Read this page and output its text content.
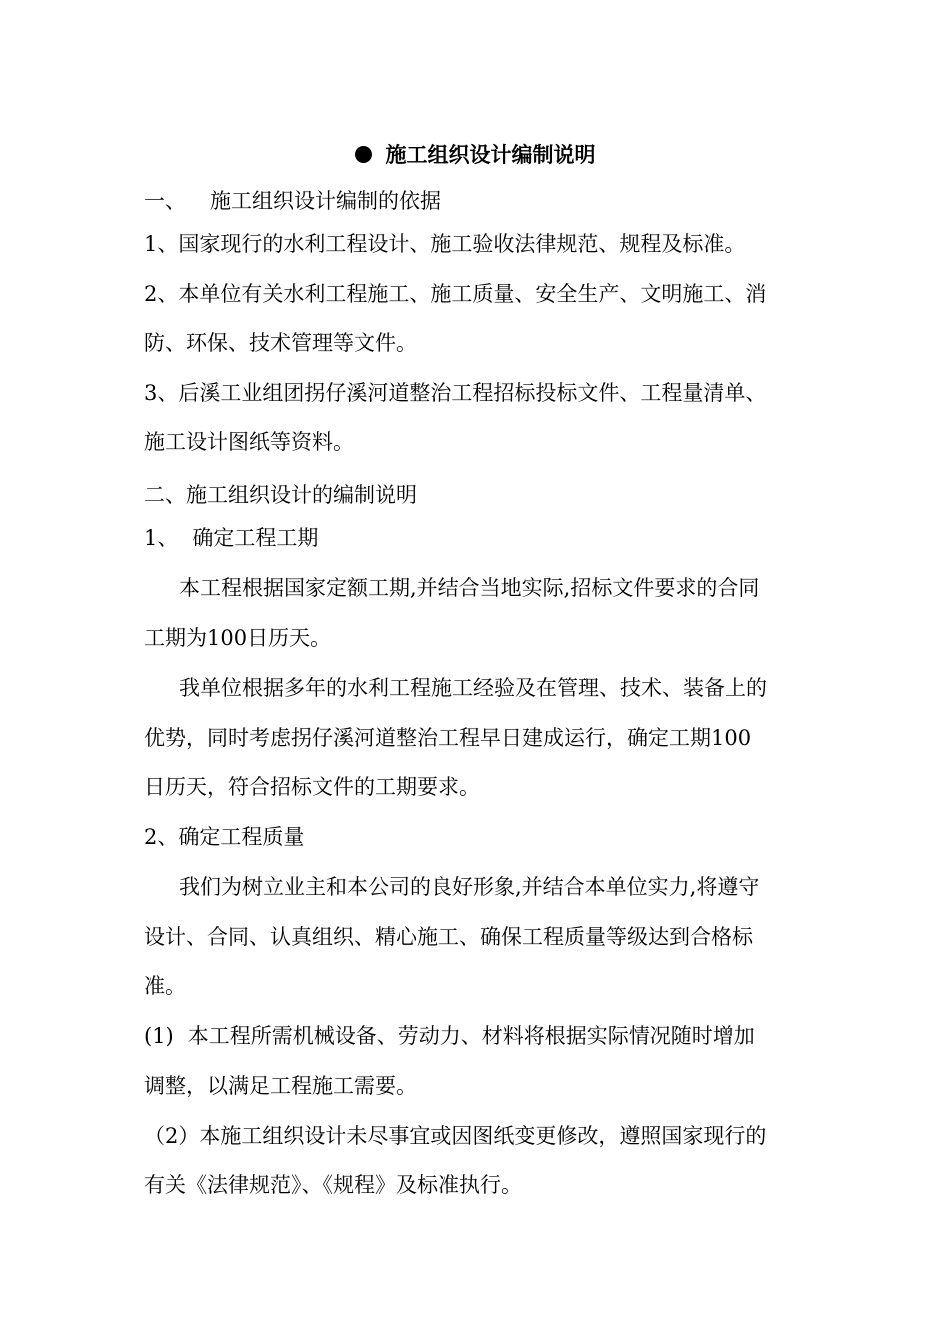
施工组织设计编制说明
一、 施工组织设计编制的依据
1、国家现行的水利工程设计、施工验收法律规范、规程及标准。
2、本单位有关水利工程施工、施工质量、安全生产、文明施工、消
防、环保、技术管理等文件。
3、后溪工业组团拐仔溪河道整治工程招标投标文件、工程量清单、
施工设计图纸等资料。
二、施工组织设计的编制说明
1、 确定工程工期
本工程根据国家定额工期,并结合当地实际,招标文件要求的合同
工期为100日历天。
我单位根据多年的水利工程施工经验及在管理、技术、装备上的
优势，同时考虑拐仔溪河道整治工程早日建成运行，确定工期100
日历天，符合招标文件的工期要求。
2、确定工程质量
我们为树立业主和本公司的良好形象,并结合本单位实力,将遵守
设计、合同、认真组织、精心施工、确保工程质量等级达到合格标
准。
(1) 本工程所需机械设备、劳动力、材料将根据实际情况随时增加
调整，以满足工程施工需要。
（2）本施工组织设计未尽事宜或因图纸变更修改，遵照国家现行的
有关《法律规范》、《规程》及标准执行。
